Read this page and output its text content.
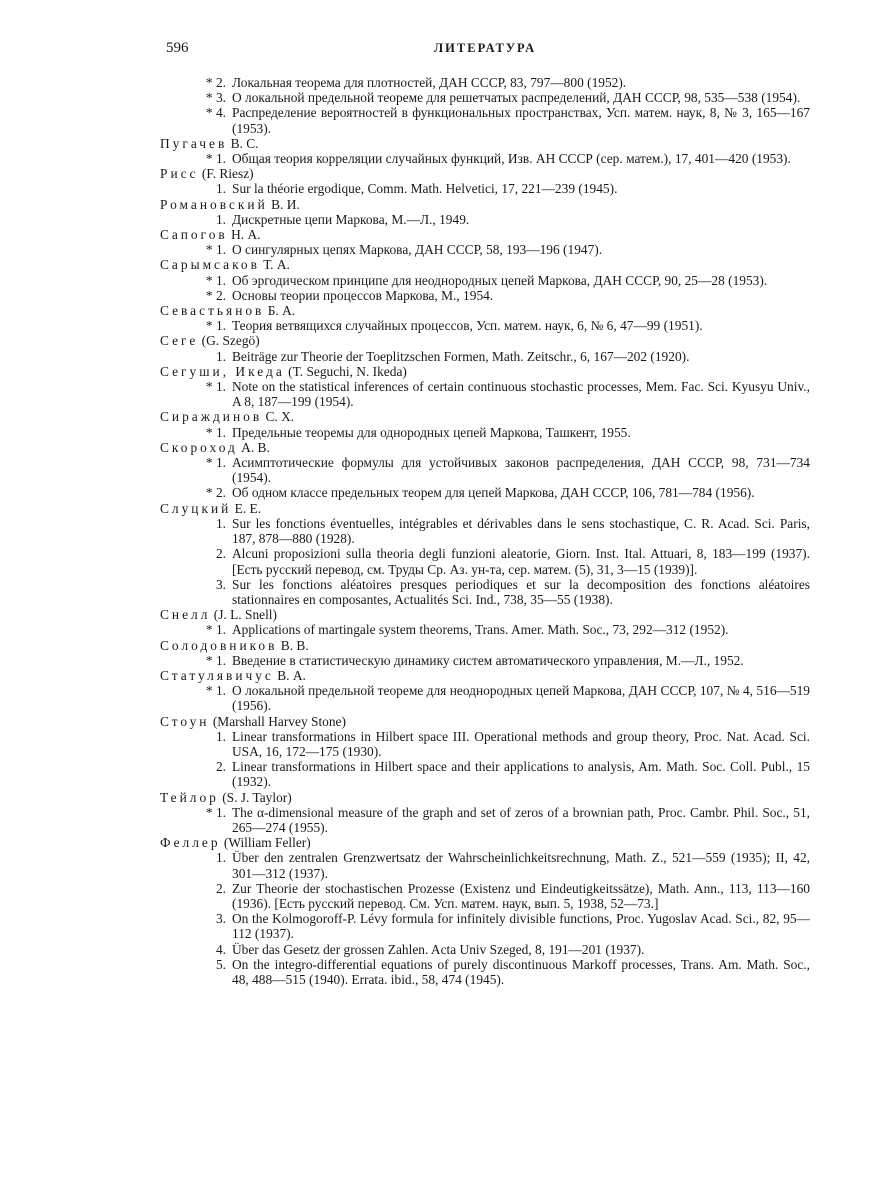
596	ЛИТЕРАТУРА
* 2. Локальная теорема для плотностей, ДАН СССР, 83, 797—800 (1952).
* 3. О локальной предельной теореме для решетчатых распределений, ДАН СССР, 98, 535—538 (1954).
* 4. Распределение вероятностей в функциональных пространствах, Усп. матем. наук, 8, № 3, 165—167 (1953).
Пугачев В. С.
* 1. Общая теория корреляции случайных функций, Изв. АН СССР (сер. матем.), 17, 401—420 (1953).
Рисс (F. Riesz)
1. Sur la théorie ergodique, Comm. Math. Helvetici, 17, 221—239 (1945).
Романовский В. И.
1. Дискретные цепи Маркова, М.—Л., 1949.
Сапогов Н. А.
* 1. О сингулярных цепях Маркова, ДАН СССР, 58, 193—196 (1947).
Сарымсаков Т. А.
* 1. Об эргодическом принципе для неоднородных цепей Маркова, ДАН СССР, 90, 25—28 (1953).
* 2. Основы теории процессов Маркова, М., 1954.
Севастьянов Б. А.
* 1. Теория ветвящихся случайных процессов, Усп. матем. наук, 6, № 6, 47—99 (1951).
Сеге (G. Szegö)
1. Beiträge zur Theorie der Toeplitzschen Formen, Math. Zeitschr., 6, 167—202 (1920).
Сегуши, Икеда (T. Seguchi, N. Ikeda)
* 1. Note on the statistical inferences of certain continuous stochastic processes, Mem. Fac. Sci. Kyusyu Univ., A 8, 187—199 (1954).
Сираждинов С. Х.
* 1. Предельные теоремы для однородных цепей Маркова, Ташкент, 1955.
Скороход А. В.
* 1. Асимптотические формулы для устойчивых законов распределения, ДАН СССР, 98, 731—734 (1954).
* 2. Об одном классе предельных теорем для цепей Маркова, ДАН СССР, 106, 781—784 (1956).
Слуцкий Е. Е.
1. Sur les fonctions éventuelles, intégrables et dérivables dans le sens stochastique, C. R. Acad. Sci. Paris, 187, 878—880 (1928).
2. Alcuni proposizioni sulla theoria degli funzioni aleatorie, Giorn. Inst. Ital. Attuari, 8, 183—199 (1937). [Есть русский перевод, см. Труды Ср. Аз. ун-та, сер. матем. (5), 31, 3—15 (1939)].
3. Sur les fonctions aléatoires presques periodiques et sur la decomposition des fonctions aléatoires stationnaires en composantes, Actualités Sci. Ind., 738, 35—55 (1938).
Снелл (J. L. Snell)
* 1. Applications of martingale system theorems, Trans. Amer. Math. Soc., 73, 292—312 (1952).
Солодовников В. В.
* 1. Введение в статистическую динамику систем автоматического управления, М.—Л., 1952.
Статулявичус В. А.
* 1. О локальной предельной теореме для неоднородных цепей Маркова, ДАН СССР, 107, № 4, 516—519 (1956).
Стоун (Marshall Harvey Stone)
1. Linear transformations in Hilbert space III. Operational methods and group theory, Proc. Nat. Acad. Sci. USA, 16, 172—175 (1930).
2. Linear transformations in Hilbert space and their applications to analysis, Am. Math. Soc. Coll. Publ., 15 (1932).
Тейлор (S. J. Taylor)
* 1. The α-dimensional measure of the graph and set of zeros of a brownian path, Proc. Cambr. Phil. Soc., 51, 265—274 (1955).
Феллер (William Feller)
1. Über den zentralen Grenzwertsatz der Wahrscheinlichkeitsrechnung, Math. Z., 521—559 (1935); II, 42, 301—312 (1937).
2. Zur Theorie der stochastischen Prozesse (Existenz und Eindeutigkeitssätze), Math. Ann., 113, 113—160 (1936). [Есть русский перевод. См. Усп. матем. наук, вып. 5, 1938, 52—73.]
3. On the Kolmogoroff-P. Lévy formula for infinitely divisible functions, Proc. Yugoslav Acad. Sci., 82, 95—112 (1937).
4. Über das Gesetz der grossen Zahlen. Acta Univ Szeged, 8, 191—201 (1937).
5. On the integro-differential equations of purely discontinuous Markoff processes, Trans. Am. Math. Soc., 48, 488—515 (1940). Errata. ibid., 58, 474 (1945).
